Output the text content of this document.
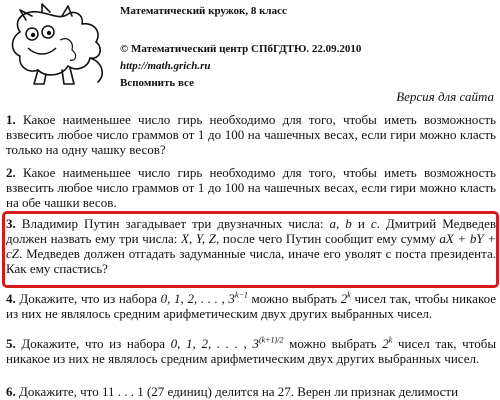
Математический кружок, 8 класс
© Математический центр СПбГДТЮ. 22.09.2010
http://math.grich.ru
Вспомнить все
Версия для сайта
1. Какое наименьшее число гирь необходимо для того, чтобы иметь возможность взвесить любое число граммов от 1 до 100 на чашечных весах, если гири можно класть только на одну чашку весов?
2. Какое наименьшее число гирь необходимо для того, чтобы иметь возможность взвесить любое число граммов от 1 до 100 на чашечных весах, если гири можно класть на обе чашки весов.
3. Владимир Путин загадывает три двузначных числа: a, b и c. Дмитрий Медведев должен назвать ему три числа: X, Y, Z, после чего Путин сообщит ему сумму aX + bY + cZ. Медведев должен отгадать задуманные числа, иначе его уволят с поста президента. Как ему спастись?
4. Докажите, что из набора 0, 1, 2, . . . , $3^{k-1}$ можно выбрать 2$^k$ чисел так, чтобы никакое из них не являлось средним арифметическим двух других выбранных чисел.
5. Докажите, что из набора 0, 1, 2, . . . , $3^{(k+1)/2}$ можно выбрать 2$^k$ чисел так, чтобы никакое из них не являлось средним арифметическим двух других выбранных чисел.
6. Докажите, что 11 . . . 1 (27 единиц) делится на 27. Верен ли признак делимости
